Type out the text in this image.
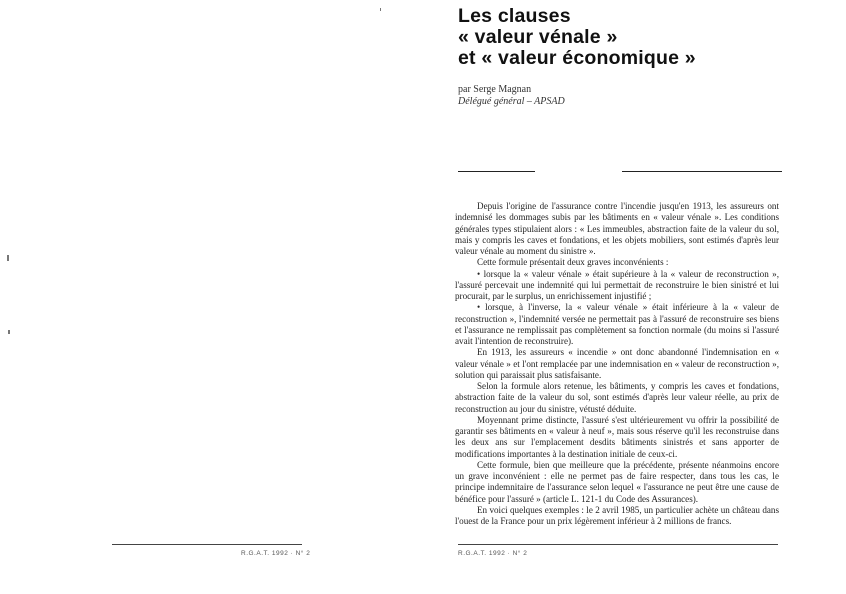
Les clauses
« valeur vénale »
et « valeur économique »
par Serge Magnan
Délégué général – APSAD

Depuis l'origine de l'assurance contre l'incendie jusqu'en 1913, les assureurs ont indemnisé les dommages subis par les bâtiments en « valeur vénale ». Les conditions générales types stipulaient alors : « Les immeubles, abstraction faite de la valeur du sol, mais y compris les caves et fondations, et les objets mobiliers, sont estimés d'après leur valeur vénale au moment du sinistre ».

Cette formule présentait deux graves inconvénients :

• lorsque la « valeur vénale » était supérieure à la « valeur de reconstruction », l'assuré percevait une indemnité qui lui permettait de reconstruire le bien sinistré et lui procurait, par le surplus, un enrichissement injustifié ;

• lorsque, à l'inverse, la « valeur vénale » était inférieure à la « valeur de reconstruction », l'indemnité versée ne permettait pas à l'assuré de reconstruire ses biens et l'assurance ne remplissait pas complètement sa fonction normale (du moins si l'assuré avait l'intention de reconstruire).

En 1913, les assureurs « incendie » ont donc abandonné l'indemnisation en « valeur vénale » et l'ont remplacée par une indemnisation en « valeur de reconstruction », solution qui paraissait plus satisfaisante.

Selon la formule alors retenue, les bâtiments, y compris les caves et fondations, abstraction faite de la valeur du sol, sont estimés d'après leur valeur réelle, au prix de reconstruction au jour du sinistre, vétusté déduite.

Moyennant prime distincte, l'assuré s'est ultérieurement vu offrir la possibilité de garantir ses bâtiments en « valeur à neuf », mais sous réserve qu'il les reconstruise dans les deux ans sur l'emplacement desdits bâtiments sinistrés et sans apporter de modifications importantes à la destination initiale de ceux-ci.

Cette formule, bien que meilleure que la précédente, présente néanmoins encore un grave inconvénient : elle ne permet pas de faire respecter, dans tous les cas, le principe indemnitaire de l'assurance selon lequel « l'assurance ne peut être une cause de bénéfice pour l'assuré » (article L. 121-1 du Code des Assurances).

En voici quelques exemples : le 2 avril 1985, un particulier achète un château dans l'ouest de la France pour un prix légèrement inférieur à 2 millions de francs.

R.G.A.T. 1992 · N° 2	R.G.A.T. 1992 · N° 2
